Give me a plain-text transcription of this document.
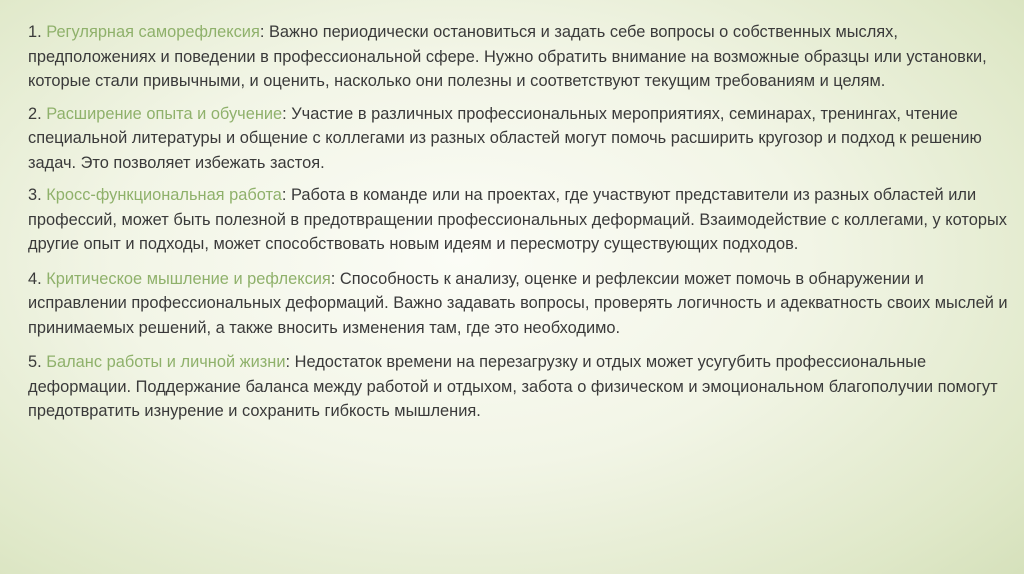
1. Регулярная саморефлексия: Важно периодически остановиться и задать себе вопросы о собственных мыслях, предположениях и поведении в профессиональной сфере. Нужно обратить внимание на возможные образцы или установки, которые стали привычными, и оценить, насколько они полезны и соответствуют текущим требованиям и целям.

2. Расширение опыта и обучение: Участие в различных профессиональных мероприятиях, семинарах, тренингах, чтение специальной литературы и общение с коллегами из разных областей могут помочь расширить кругозор и подход к решению задач. Это позволяет избежать застоя.

3. Кросс-функциональная работа: Работа в команде или на проектах, где участвуют представители из разных областей или профессий, может быть полезной в предотвращении профессиональных деформаций. Взаимодействие с коллегами, у которых другие опыт и подходы, может способствовать новым идеям и пересмотру существующих подходов.

4. Критическое мышление и рефлексия: Способность к анализу, оценке и рефлексии может помочь в обнаружении и исправлении профессиональных деформаций. Важно задавать вопросы, проверять логичность и адекватность своих мыслей и принимаемых решений, а также вносить изменения там, где это необходимо.

5. Баланс работы и личной жизни: Недостаток времени на перезагрузку и отдых может усугубить профессиональные деформации. Поддержание баланса между работой и отдыхом, забота о физическом и эмоциональном благополучии помогут предотвратить изнурение и сохранить гибкость мышления.
